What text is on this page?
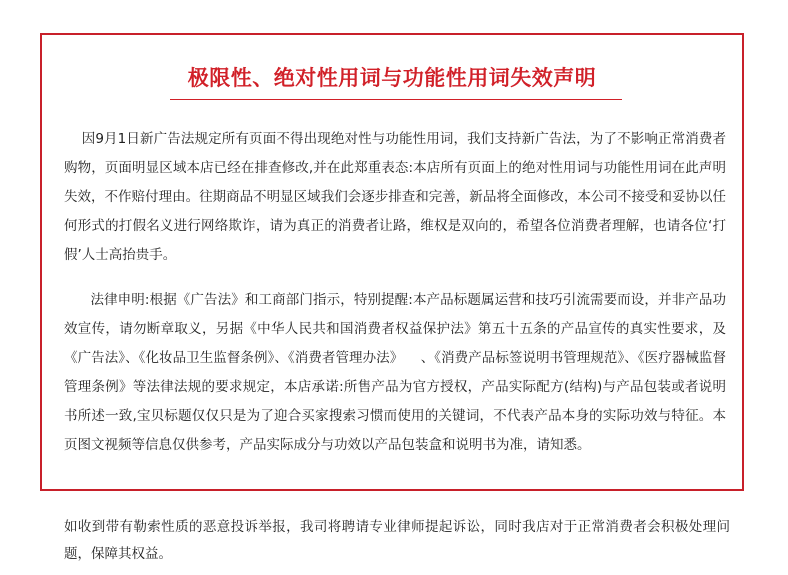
极限性、绝对性用词与功能性用词失效声明

因9月1日新广告法规定所有页面不得出现绝对性与功能性用词，我们支持新广告法，为了不影响正常消费者购物，页面明显区域本店已经在排查修改,并在此郑重表态:本店所有页面上的绝对性用词与功能性用词在此声明失效，不作赔付理由。往期商品不明显区域我们会逐步排查和完善，新品将全面修改，本公司不接受和妥协以任何形式的打假名义进行网络欺诈，请为真正的消费者让路，维权是双向的，希望各位消费者理解，也请各位‘打假’人士高抬贵手。

法律申明:根据《广告法》和工商部门指示，特别提醒:本产品标题属运营和技巧引流需要而设，并非产品功效宣传，请勿断章取义，另据《中华人民共和国消费者权益保护法》第五十五条的产品宣传的真实性要求，及《广告法》、《化妆品卫生监督条例》、《消费者管理办法》    、《消费产品标签说明书管理规范》、《医疗器械监督管理条例》等法律法规的要求规定，本店承诺:所售产品为官方授权，产品实际配方(结构)与产品包装或者说明书所述一致,宝贝标题仅仅只是为了迎合买家搜索习惯而使用的关键词，不代表产品本身的实际功效与特征。本页图文视频等信息仅供参考，产品实际成分与功效以产品包装盒和说明书为准，请知悉。

如收到带有勒索性质的恶意投诉举报，我司将聘请专业律师提起诉讼，同时我店对于正常消费者会积极处理问题，保障其权益。
